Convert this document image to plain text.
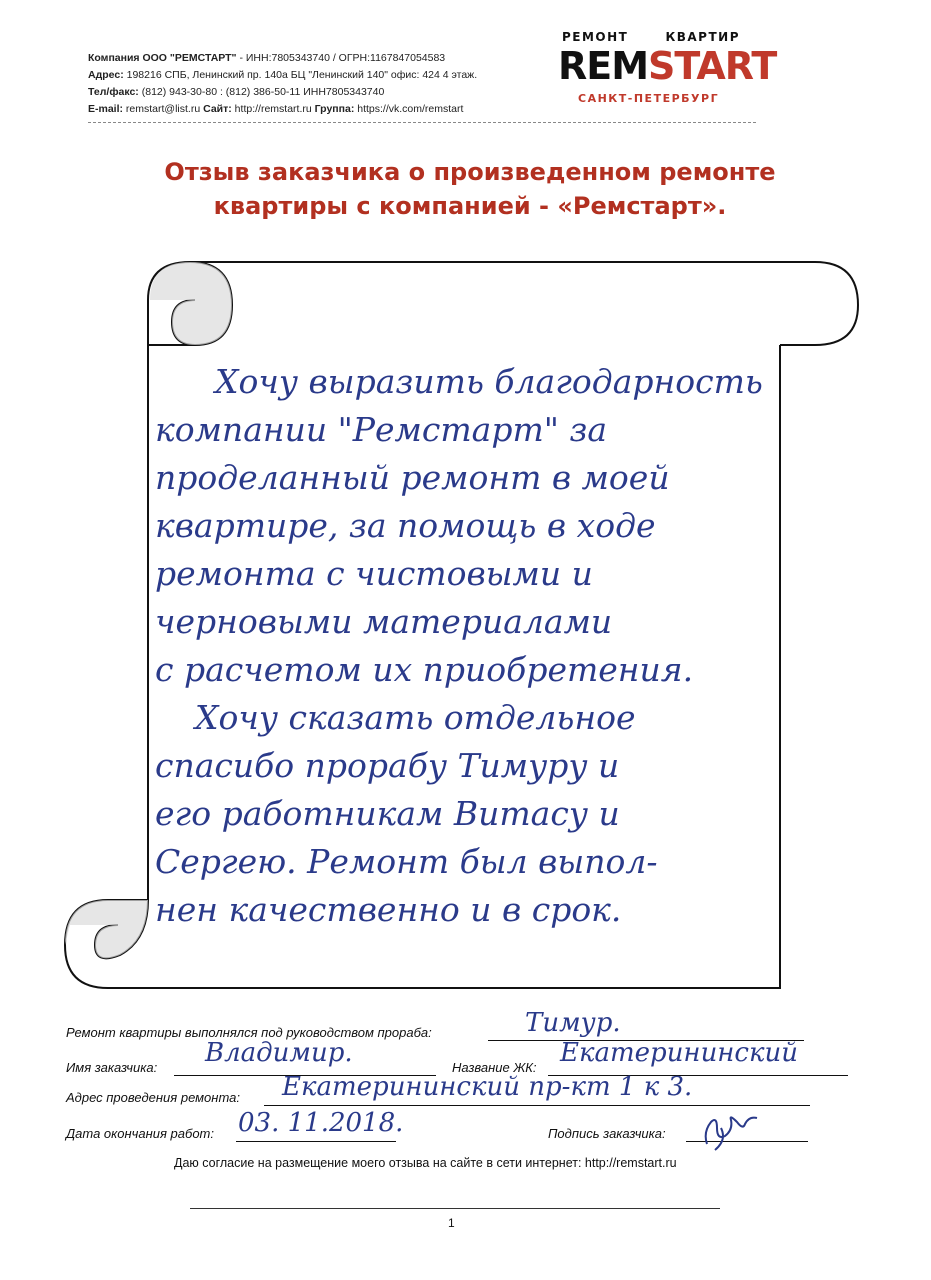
Компания ООО "РЕМСТАРТ" - ИНН:7805343740 / ОГРН:1167847054583
Адрес: 198216 СПБ, Ленинский пр. 140а БЦ "Ленинский 140" офис: 424 4 этаж.
Тел/факс: (812) 943-30-80 : (812) 386-50-11 ИНН7805343740
E-mail: remstart@list.ru Сайт: http://remstart.ru Группа: https://vk.com/remstart
РЕМОНТ	КВАРТИР
REMSTART
САНКТ-ПЕТЕРБУРГ
Отзыв заказчика о произведенном ремонте
квартиры с компанией - «Ремстарт».
Хочу выразить благодарность
компании "Ремстарт" за
проделанный ремонт в моей
квартире, за помощь в ходе
ремонта с чистовыми и
черновыми материалами
с расчетом их приобретения.
Хочу сказать отдельное
спасибо прорабу Тимуру и
его работникам Витасу и
Сергею. Ремонт был выпол-
нен качественно и в срок.
Ремонт квартиры выполнялся под руководством прораба:	Тимур.
Имя заказчика: Владимир.	Название ЖК: Екатерининский
Адрес проведения ремонта: Екатерининский пр-кт 1 к 3.
Дата окончания работ: 03. 11.2018.	Подпись заказчика:
Даю согласие на размещение моего отзыва на сайте в сети интернет: http://remstart.ru
1
